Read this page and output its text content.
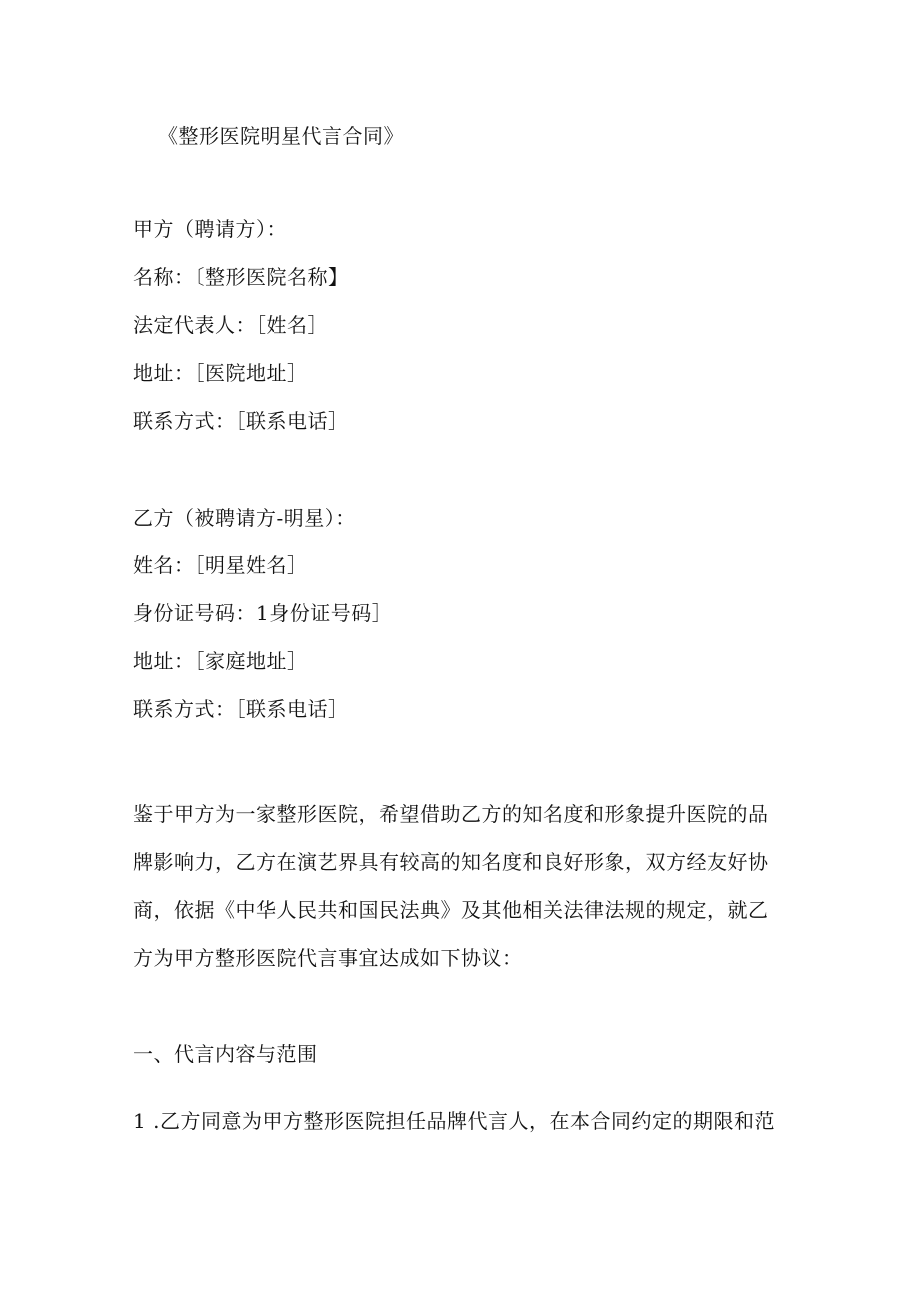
《整形医院明星代言合同》
甲方（聘请方）：
名称：〔整形医院名称】
法定代表人：［姓名］
地址：［医院地址］
联系方式：［联系电话］
乙方（被聘请方-明星）：
姓名：［明星姓名］
身份证号码：1身份证号码］
地址：［家庭地址］
联系方式：［联系电话］
鉴于甲方为一家整形医院，希望借助乙方的知名度和形象提升医院的品
牌影响力，乙方在演艺界具有较高的知名度和良好形象，双方经友好协
商，依据《中华人民共和国民法典》及其他相关法律法规的规定，就乙
方为甲方整形医院代言事宜达成如下协议：
一、代言内容与范围
1 .乙方同意为甲方整形医院担任品牌代言人，在本合同约定的期限和范
